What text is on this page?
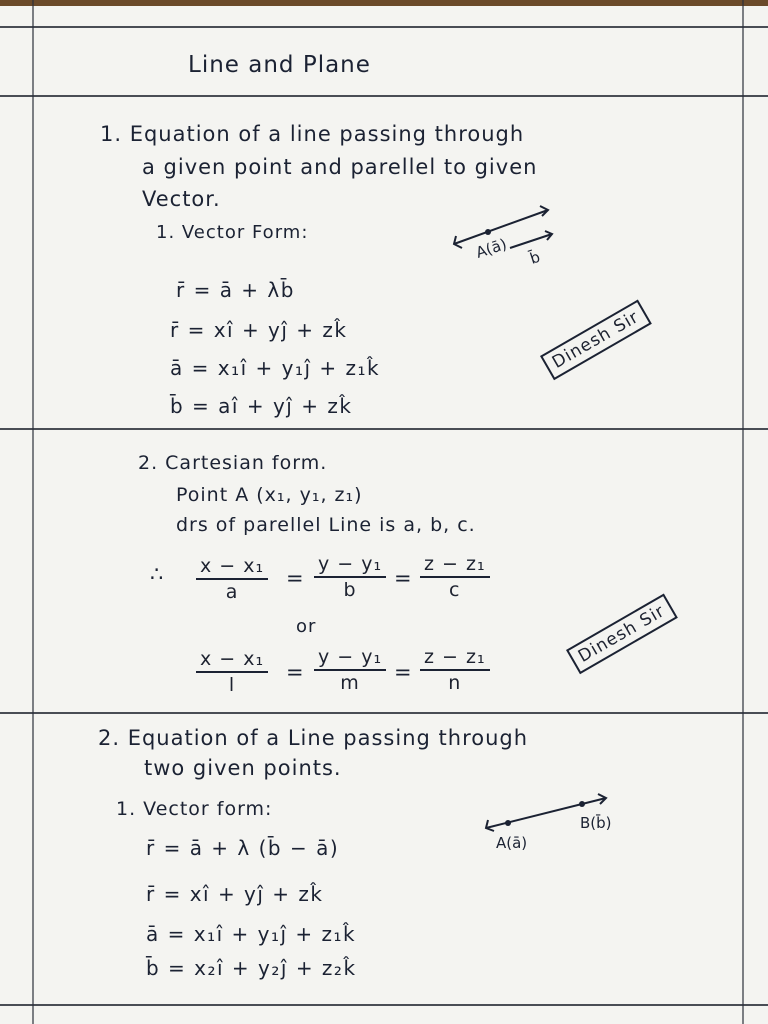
Line and Plane
1. Equation of a line passing through
a given point and parellel to given
Vector.
1. Vector Form:
A(ā) b̄
r̄ = ā + λb̄
r̄ = xî + yĵ + zk̂
ā = x₁î + y₁ĵ + z₁k̂
b̄ = aî + yĵ + zk̂
Dinesh Sir
2. Cartesian form.
Point A (x₁, y₁, z₁)
drs of parellel Line is a, b, c.
∴ $\frac{\text{x − x₁}}{a} = \frac{\text{y − y₁}}{b} = \frac{\text{z − z₁}}{c}$
or
$\frac{\text{x − x₁}}{l} = \frac{\text{y − y₁}}{m} = \frac{\text{z − z₁}}{n}$
Dinesh Sir
2. Equation of a Line passing through
two given points.
1. Vector form:
A(ā)
B(b̄)
r̄ = ā + λ (b̄ − ā)
r̄ = xî + yĵ + zk̂
ā = x₁î + y₁ĵ + z₁k̂
b̄ = x₂î + y₂ĵ + z₂k̂
